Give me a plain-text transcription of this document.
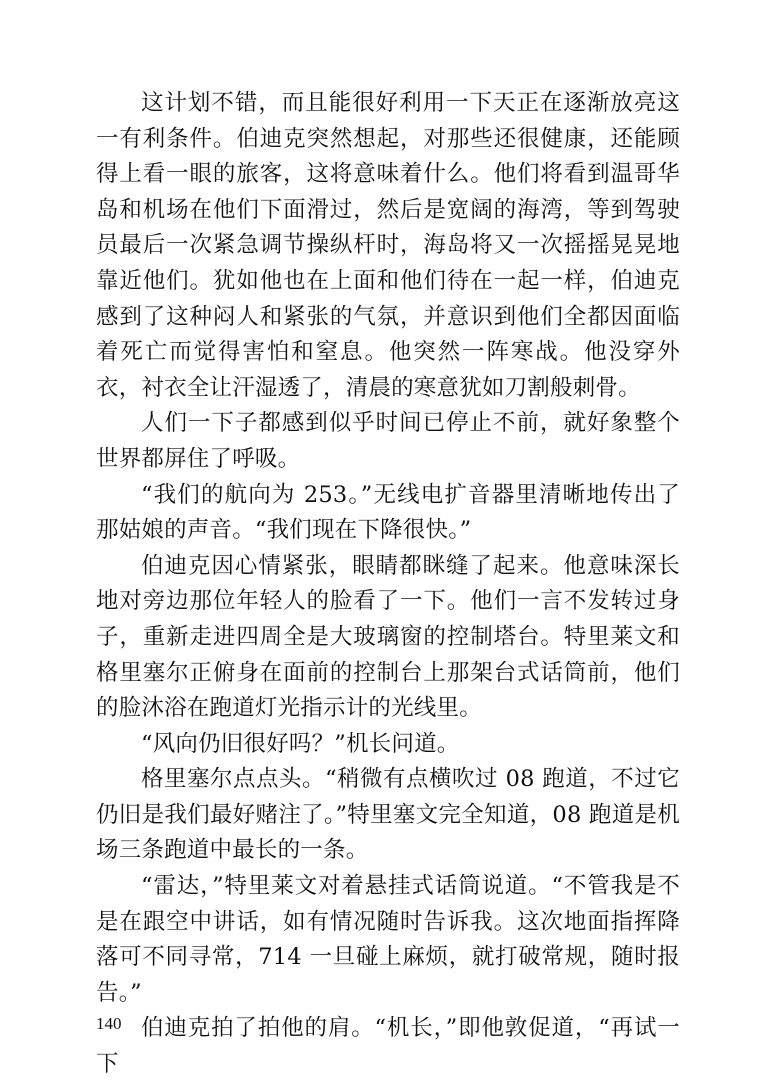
这计划不错，而且能很好利用一下天正在逐渐放亮这一有利条件。伯迪克突然想起，对那些还很健康，还能顾得上看一眼的旅客，这将意味着什么。他们将看到温哥华岛和机场在他们下面滑过，然后是宽阔的海湾，等到驾驶员最后一次紧急调节操纵杆时，海岛将又一次摇摇晃晃地靠近他们。犹如他也在上面和他们待在一起一样，伯迪克感到了这种闷人和紧张的气氛，并意识到他们全都因面临着死亡而觉得害怕和窒息。他突然一阵寒战。他没穿外衣，衬衣全让汗湿透了，清晨的寒意犹如刀割般刺骨。

人们一下子都感到似乎时间已停止不前，就好象整个世界都屏住了呼吸。

“我们的航向为 253。”无线电扩音器里清晰地传出了那姑娘的声音。“我们现在下降很快。”

伯迪克因心情紧张，眼睛都眯缝了起来。他意味深长地对旁边那位年轻人的脸看了一下。他们一言不发转过身子，重新走进四周全是大玻璃窗的控制塔台。特里莱文和格里塞尔正俯身在面前的控制台上那架台式话筒前，他们的脸沐浴在跑道灯光指示计的光线里。

“风向仍旧很好吗？”机长问道。

格里塞尔点点头。“稍微有点横吹过 08 跑道，不过它仍旧是我们最好赌注了。”特里塞文完全知道，08 跑道是机场三条跑道中最长的一条。

“雷达，”特里莱文对着悬挂式话筒说道。“不管我是不是在跟空中讲话，如有情况随时告诉我。这次地面指挥降落可不同寻常，714 一旦碰上麻烦，就打破常规，随时报告。”

伯迪克拍了拍他的肩。“机长，”即他敦促道，“再试一下

140
